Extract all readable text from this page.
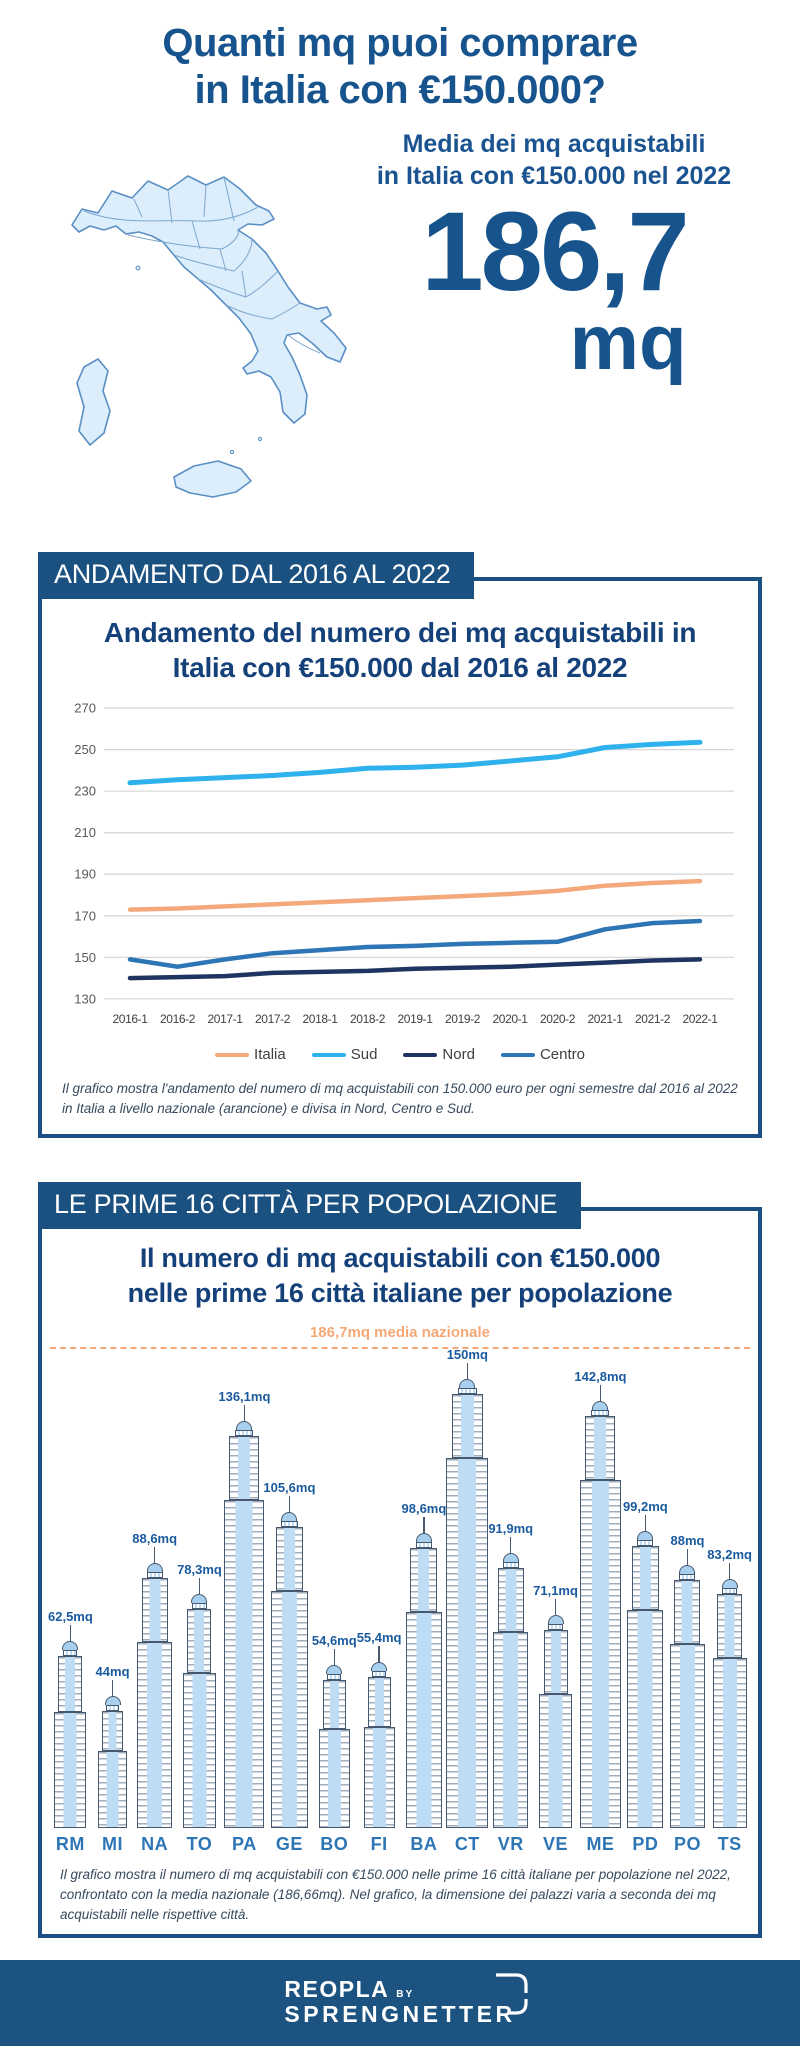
Quanti mq puoi comprare
in Italia con €150.000?
Media dei mq acquistabili
in Italia con €150.000 nel 2022
186,7
mq
ANDAMENTO DAL 2016 AL 2022
Andamento del numero dei mq acquistabili in
Italia con €150.000 dal 2016 al 2022
130
150
170
190
210
230
250
270
2016-1 2016-2 2017-1 2017-2 2018-1 2018-2 2019-1 2019-2 2020-1 2020-2 2021-1 2021-2 2022-1
Italia	Sud	Nord	Centro
Il grafico mostra l'andamento del numero di mq acquistabili con 150.000 euro per ogni semestre dal 2016 al 2022 in Italia a livello nazionale (arancione) e divisa in Nord, Centro e Sud.
LE PRIME 16 CITTÀ PER POPOLAZIONE
Il numero di mq acquistabili con €150.000
nelle prime 16 città italiane per popolazione
186,7mq media nazionale
62,5mq
RM
44mq
MI
88,6mq
NA
78,3mq
TO
136,1mq
PA
105,6mq
GE
54,6mq
BO
55,4mq
FI
98,6mq
BA
150mq
CT
91,9mq
VR
71,1mq
VE
142,8mq
ME
99,2mq
PD
88mq
PO
83,2mq
TS
Il grafico mostra il numero di mq acquistabili con €150.000 nelle prime 16 città italiane per popolazione nel 2022, confrontato con la media nazionale (186,66mq). Nel grafico, la dimensione dei palazzi varia a seconda dei mq acquistabili nelle rispettive città.
REOPLA BY
SPRENGNETTER
